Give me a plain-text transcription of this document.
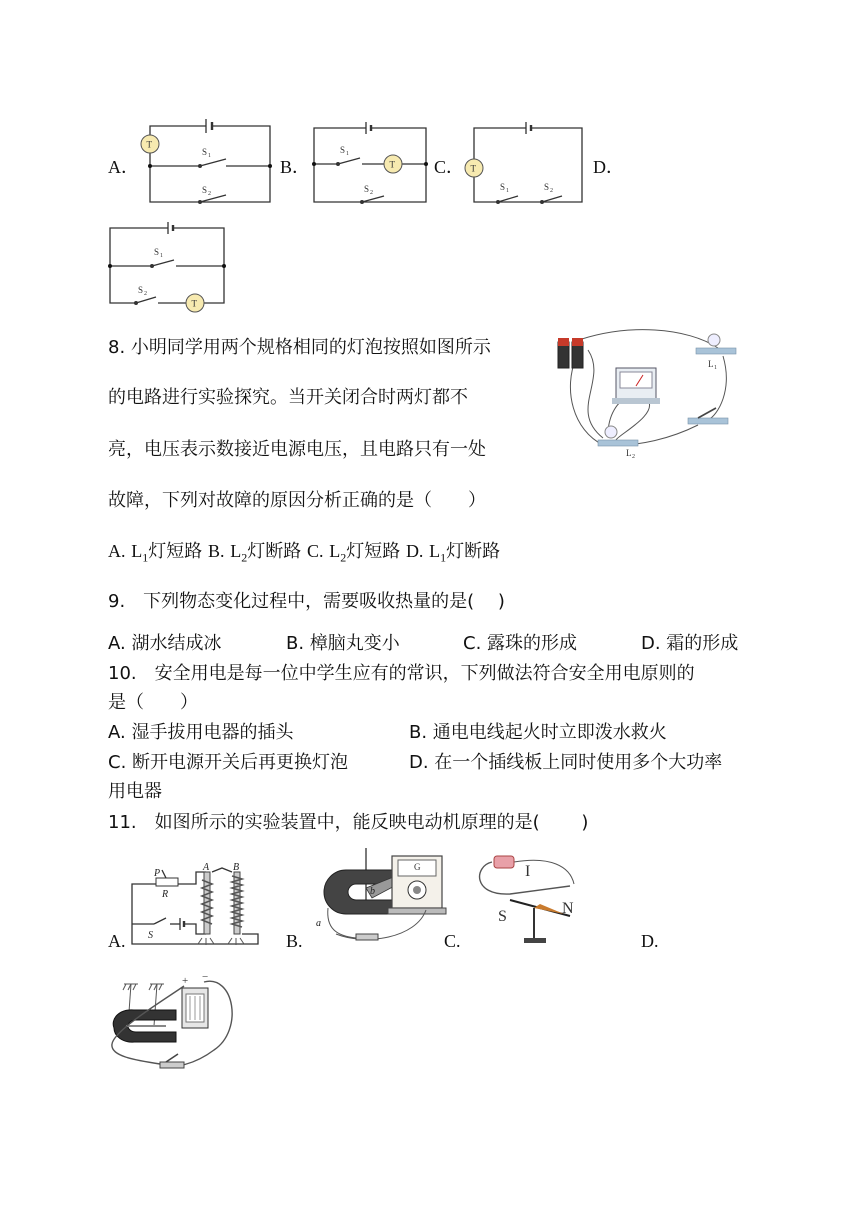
A．	B．	C．	D．
T
S 1
S 2
T
S 1
S 2
T
S 1	S 2
T
S 1
S 2
8. 小明同学用两个规格相同的灯泡按照如图所示
的电路进行实验探究。当开关闭合时两灯都不
亮，电压表示数接近电源电压，且电路只有一处
故障，下列对故障的原因分析正确的是（　　）
L 1
L 2
A. $L_1$灯短路 B. $L_2$灯断路 C. $L_2$灯短路 D. $L_1$灯断路
9.　下列物态变化过程中，需要吸收热量的是(　 )
A. 湖水结成冰	B. 樟脑丸变小	C. 露珠的形成	D. 霜的形成
10.　安全用电是每一位中学生应有的常识，下列做法符合安全用电原则的
是（　　）
A. 湿手拔用电器的插头	B. 通电电线起火时立即泼水救火
C. 断开电源开关后再更换灯泡	D. 在一个插线板上同时使用多个大功率
用电器
11.　如图所示的实验装置中，能反映电动机原理的是(　 　)
A.	B.	C.	D.
P
R
S
A B
a
b
G	I
S	N
+ −
